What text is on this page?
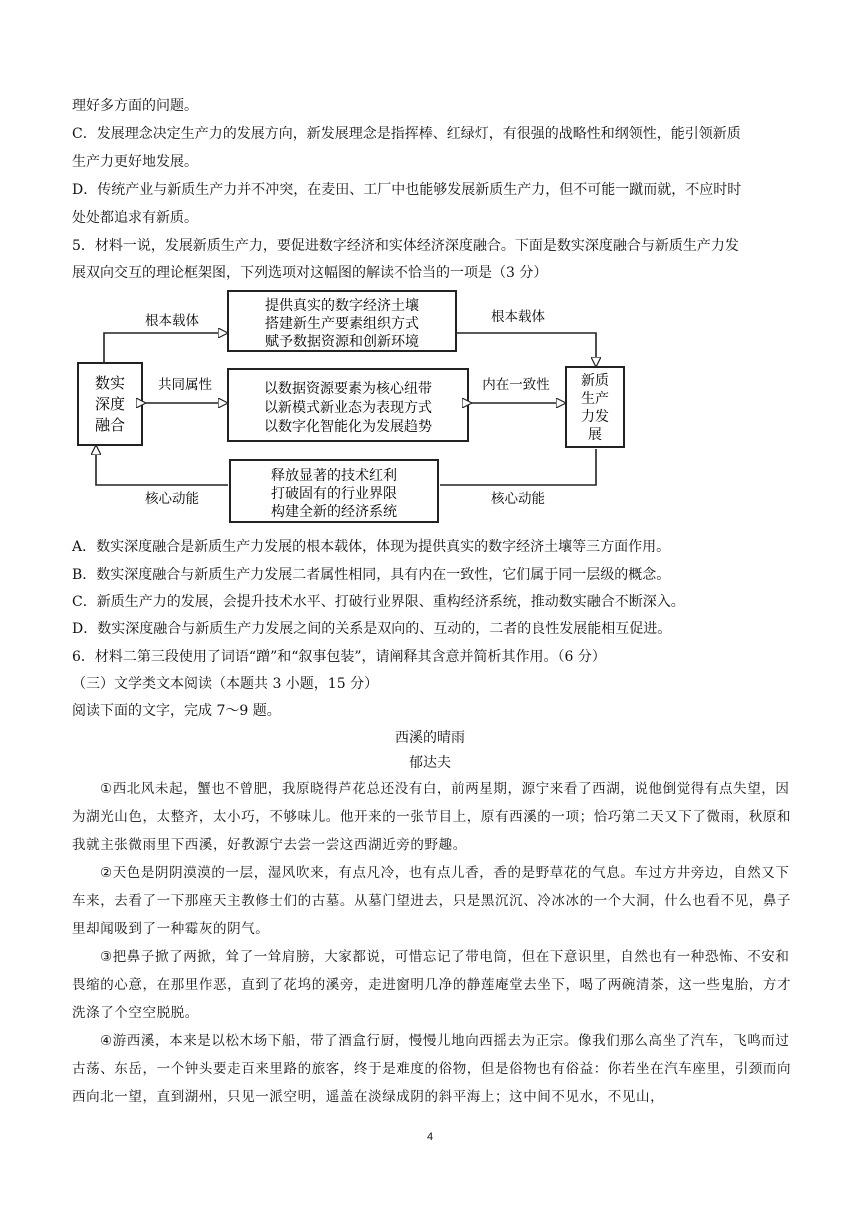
理好多方面的问题。
C．发展理念决定生产力的发展方向，新发展理念是指挥棒、红绿灯，有很强的战略性和纲领性，能引领新质
生产力更好地发展。
D．传统产业与新质生产力并不冲突，在麦田、工厂中也能够发展新质生产力，但不可能一蹴而就，不应时时
处处都追求有新质。
5．材料一说，发展新质生产力，要促进数字经济和实体经济深度融合。下面是数实深度融合与新质生产力发
展双向交互的理论框架图，下列选项对这幅图的解读不恰当的一项是（3 分）
数实
深度
融合
新质
生产
力发
展
提供真实的数字经济土壤
搭建新生产要素组织方式
赋予数据资源和创新环境
以数据资源要素为核心纽带
以新模式新业态为表现方式
以数字化智能化为发展趋势
释放显著的技术红利
打破固有的行业界限
构建全新的经济系统
根本载体	根本载体
共同属性	内在一致性
核心动能	核心动能
A．数实深度融合是新质生产力发展的根本载体，体现为提供真实的数字经济土壤等三方面作用。
B．数实深度融合与新质生产力发展二者属性相同，具有内在一致性，它们属于同一层级的概念。
C．新质生产力的发展，会提升技术水平、打破行业界限、重构经济系统，推动数实融合不断深入。
D．数实深度融合与新质生产力发展之间的关系是双向的、互动的，二者的良性发展能相互促进。
6．材料二第三段使用了词语“蹭”和“叙事包装”，请阐释其含意并简析其作用。（6 分）
（三）文学类文本阅读（本题共 3 小题，15 分）
阅读下面的文字，完成 7～9 题。
西溪的晴雨
郁达夫
①西北风未起，蟹也不曾肥，我原晓得芦花总还没有白，前两星期，源宁来看了西湖，说他倒觉得有点失望，因为湖光山色，太整齐，太小巧，不够味儿。他开来的一张节目上，原有西溪的一项；恰巧第二天又下了微雨，秋原和我就主张微雨里下西溪，好教源宁去尝一尝这西湖近旁的野趣。
②天色是阴阴漠漠的一层，湿风吹来，有点凡冷，也有点儿香，香的是野草花的气息。车过方井旁边，自然又下车来，去看了一下那座天主教修士们的古墓。从墓门望进去，只是黑沉沉、冷冰冰的一个大洞，什么也看不见，鼻子里却闻吸到了一种霉灰的阴气。
③把鼻子掀了两掀，耸了一耸肩膀，大家都说，可惜忘记了带电筒，但在下意识里，自然也有一种恐怖、不安和畏缩的心意，在那里作恶，直到了花坞的溪旁，走进窗明几净的静莲庵堂去坐下，喝了两碗清茶，这一些鬼胎，方才洗涤了个空空脱脱。
④游西溪，本来是以松木场下船，带了酒盒行厨，慢慢儿地向西摇去为正宗。像我们那么高坐了汽车，飞鸣而过古荡、东岳，一个钟头要走百来里路的旅客，终于是难度的俗物，但是俗物也有俗益：你若坐在汽车座里，引颈而向西向北一望，直到湖州，只见一派空明，遥盖在淡绿成阴的斜平海上；这中间不见水，不见山，
4
